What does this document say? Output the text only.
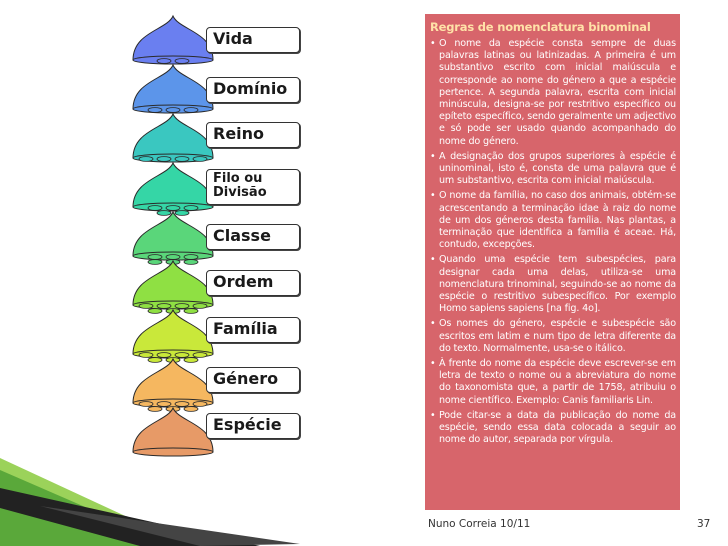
Vida
Domínio
Reino
Filo ou Divisão
Classe
Ordem
Família
Género
Espécie
Regras de nomenclatura binominal
• O nome da espécie consta sempre de duas palavras latinas ou latinizadas. A primeira é um substantivo escrito com inicial maiúscula e corresponde ao nome do género a que a espécie pertence. A segunda palavra, escrita com inicial minúscula, designa-se por restritivo específico ou epíteto específico, sendo geralmente um adjectivo e só pode ser usado quando acompanhado do nome do género.
• A designação dos grupos superiores à espécie é uninominal, isto é, consta de uma palavra que é um substantivo, escrita com inicial maiúscula.
• O nome da família, no caso dos animais, obtém-se acrescentando a terminação idae à raiz do nome de um dos géneros desta família. Nas plantas, a terminação que identifica a família é aceae. Há, contudo, excepções.
• Quando uma espécie tem subespécies, para designar cada uma delas, utiliza-se uma nomenclatura trinominal, seguindo-se ao nome da espécie o restritivo subespecífico. Por exemplo Homo sapiens sapiens [na fig. 4o].
• Os nomes do género, espécie e subespécie são escritos em latim e num tipo de letra diferente da do texto. Normalmente, usa-se o itálico.
• À frente do nome da espécie deve escrever-se em letra de texto o nome ou a abreviatura do nome do taxonomista que, a partir de 1758, atribuiu o nome científico. Exemplo: Canis familiaris Lin.
• Pode citar-se a data da publicação do nome da espécie, sendo essa data colocada a seguir ao nome do autor, separada por vírgula.
Nuno Correia 10/11	37
